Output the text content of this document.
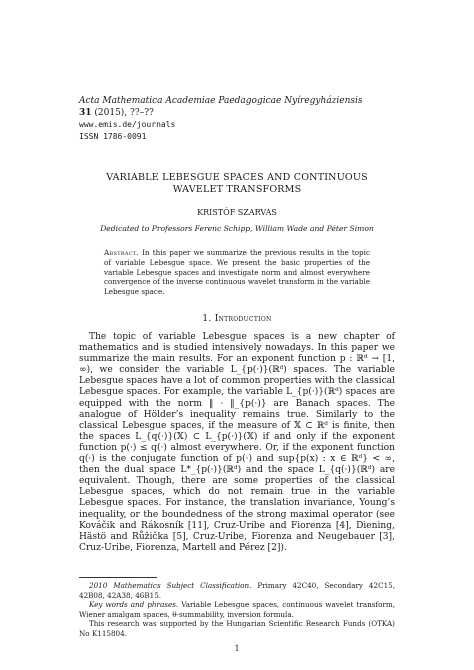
Acta Mathematica Academiae Paedagogicae Nyíregyháziensis
31 (2015), ??–??
www.emis.de/journals
ISSN 1786-0091
VARIABLE LEBESGUE SPACES AND CONTINUOUS
WAVELET TRANSFORMS
KRISTÓF SZARVAS
Dedicated to Professors Ferenc Schipp, William Wade and Péter Simon
Abstract. In this paper we summarize the previous results in the topic of variable Lebesgue space. We present the basic properties of the variable Lebesgue spaces and investigate norm and almost everywhere convergence of the inverse continuous wavelet transform in the variable Lebesgue space.
1. Introduction

The topic of variable Lebesgue spaces is a new chapter of mathematics and is studied intensively nowadays. In this paper we summarize the main results. For an exponent function p : ℝᵈ → [1, ∞), we consider the variable L_{p(·)}(ℝᵈ) spaces. The variable Lebesgue spaces have a lot of common properties with the classical Lebesgue spaces. For example, the variable L_{p(·)}(ℝᵈ) spaces are equipped with the norm ‖ · ‖_{p(·)} are Banach spaces. The analogue of Hölder’s inequality remains true. Similarly to the classical Lebesgue spaces, if the measure of 𝕏 ⊂ ℝᵈ is finite, then the spaces L_{q(·)}(𝕏) ⊂ L_{p(·)}(𝕏) if and only if the exponent function p(·) ≤ q(·) almost everywhere. Or, if the exponent function q(·) is the conjugate function of p(·) and sup{p(x) : x ∈ ℝᵈ} < ∞, then the dual space L*_{p(·)}(ℝᵈ) and the space L_{q(·)}(ℝᵈ) are equivalent. Though, there are some properties of the classical Lebesgue spaces, which do not remain true in the variable Lebesgue spaces. For instance, the translation invariance, Young’s inequality, or the boundedness of the strong maximal operator (see Kováčik and Rákosník [11], Cruz-Uribe and Fiorenza [4], Diening, Hästö and Růžička [5], Cruz-Uribe, Fiorenza and Neugebauer [3], Cruz-Uribe, Fiorenza, Martell and Pérez [2]).

2010 Mathematics Subject Classification. Primary 42C40, Secondary 42C15, 42B08, 42A38, 46B15.

Key words and phrases. Variable Lebesgue spaces, continuous wavelet transform, Wiener amalgam spaces, θ-summability, inversion formula.

This research was supported by the Hungarian Scientific Research Funds (OTKA) No K115804.

1
